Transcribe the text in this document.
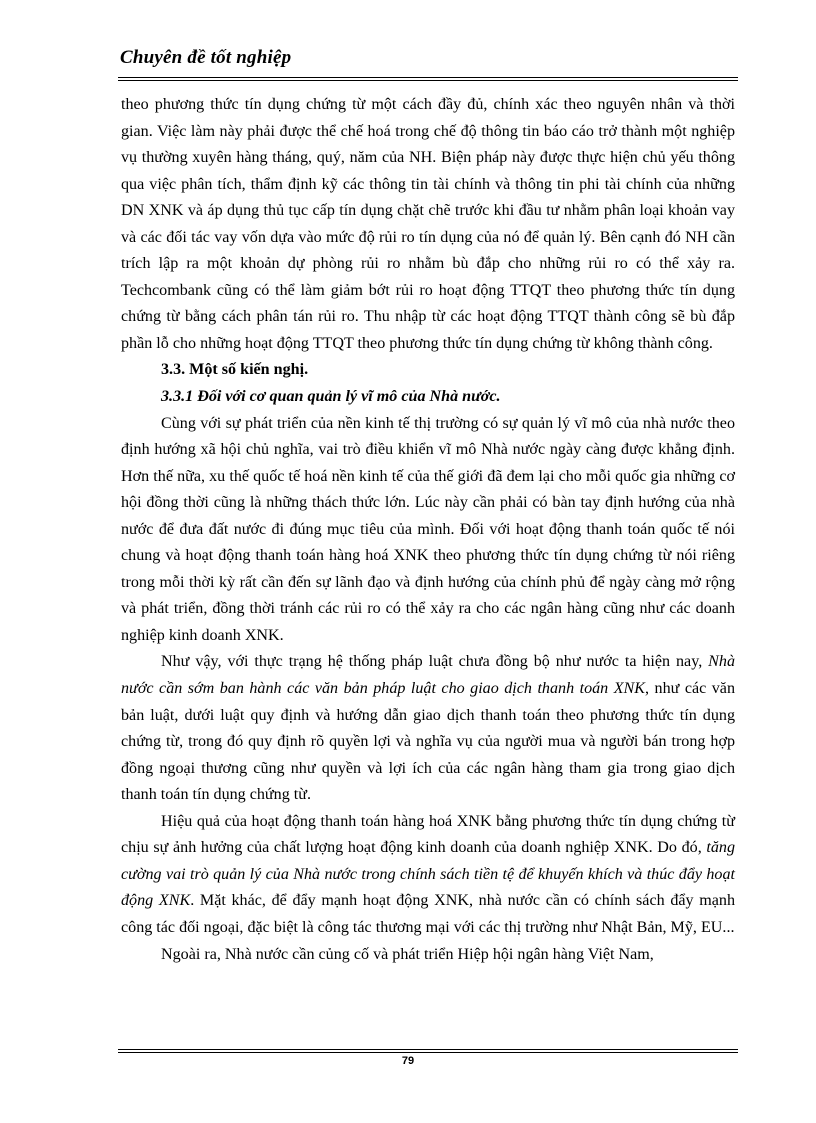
Chuyên đề tốt nghiệp

theo phương thức tín dụng chứng từ một cách đầy đủ, chính xác theo nguyên nhân và thời gian. Việc làm này phải được thể chế hoá trong chế độ thông tin báo cáo trở thành một nghiệp vụ thường xuyên hàng tháng, quý, năm của NH. Biện pháp này được thực hiện chủ yếu thông qua việc phân tích, thẩm định kỹ các thông tin tài chính và thông tin phi tài chính của những DN XNK và áp dụng thủ tục cấp tín dụng chặt chẽ trước khi đầu tư nhằm phân loại khoản vay và các đối tác vay vốn dựa vào mức độ rủi ro tín dụng của nó để quản lý. Bên cạnh đó NH cần trích lập ra một khoản dự phòng rủi ro nhằm bù đắp cho những rủi ro có thể xảy ra. Techcombank cũng có thể làm giảm bớt rủi ro hoạt động TTQT theo phương thức tín dụng chứng từ bằng cách phân tán rủi ro. Thu nhập từ các hoạt động TTQT thành công sẽ bù đắp phần lỗ cho những hoạt động TTQT theo phương thức tín dụng chứng từ không thành công.

3.3. Một số kiến nghị.

3.3.1 Đối với cơ quan quản lý vĩ mô của Nhà nước.

Cùng với sự phát triển của nền kinh tế thị trường có sự quản lý vĩ mô của nhà nước theo định hướng xã hội chủ nghĩa, vai trò điều khiển vĩ mô Nhà nước ngày càng được khẳng định. Hơn thế nữa, xu thế quốc tế hoá nền kinh tế của thế giới đã đem lại cho mỗi quốc gia những cơ hội đồng thời cũng là những thách thức lớn. Lúc này cần phải có bàn tay định hướng của nhà nước để đưa đất nước đi đúng mục tiêu của mình. Đối với hoạt động thanh toán quốc tế nói chung và hoạt động thanh toán hàng hoá XNK theo phương thức tín dụng chứng từ nói riêng trong mỗi thời kỳ rất cần đến sự lãnh đạo và định hướng của chính phủ để ngày càng mở rộng và phát triển, đồng thời tránh các rủi ro có thể xảy ra cho các ngân hàng cũng như các doanh nghiệp kinh doanh XNK.

Như vậy, với thực trạng hệ thống pháp luật chưa đồng bộ như nước ta hiện nay, Nhà nước cần sớm ban hành các văn bản pháp luật cho giao dịch thanh toán XNK, như các văn bản luật, dưới luật quy định và hướng dẫn giao dịch thanh toán theo phương thức tín dụng chứng từ, trong đó quy định rõ quyền lợi và nghĩa vụ của người mua và người bán trong hợp đồng ngoại thương cũng như quyền và lợi ích của các ngân hàng tham gia trong giao dịch thanh toán tín dụng chứng từ.

Hiệu quả của hoạt động thanh toán hàng hoá XNK bằng phương thức tín dụng chứng từ chịu sự ảnh hưởng của chất lượng hoạt động kinh doanh của doanh nghiệp XNK. Do đó, tăng cường vai trò quản lý của Nhà nước trong chính sách tiền tệ để khuyến khích và thúc đẩy hoạt động XNK. Mặt khác, để đẩy mạnh hoạt động XNK, nhà nước cần có chính sách đẩy mạnh công tác đối ngoại, đặc biệt là công tác thương mại với các thị trường như Nhật Bản, Mỹ, EU...

Ngoài ra, Nhà nước cần củng cố và phát triển Hiệp hội ngân hàng Việt Nam,

79
